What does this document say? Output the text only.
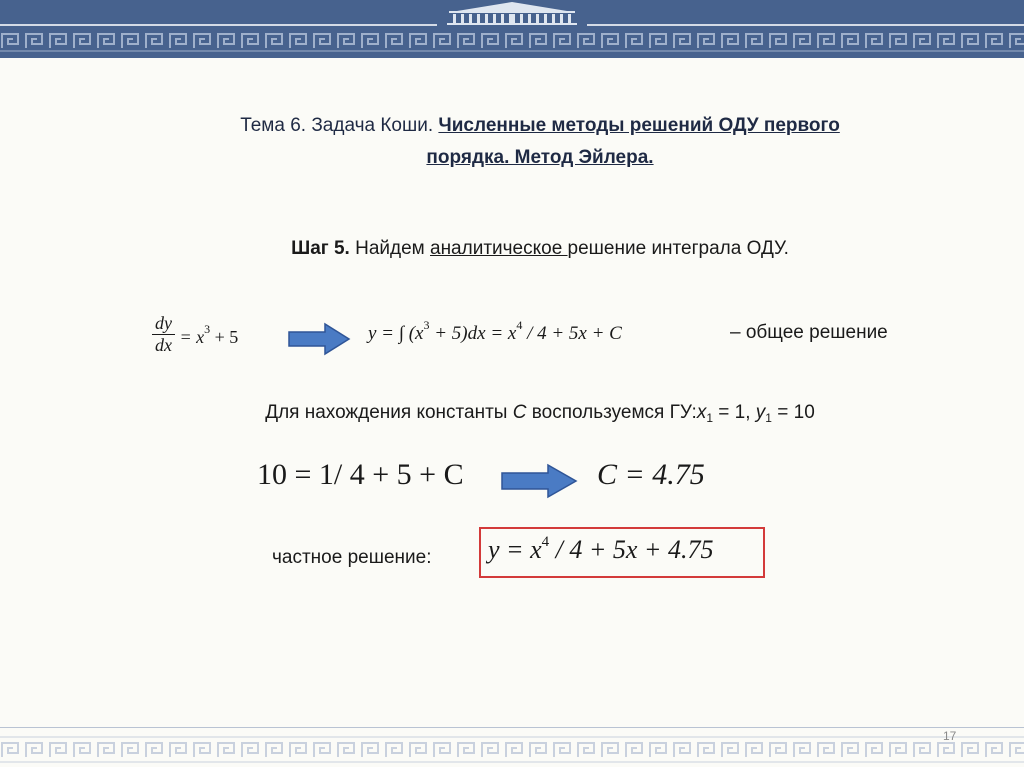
Тема 6. Задача Коши. Численные методы решений ОДУ первого
порядка. Метод Эйлера.
Шаг 5. Найдем аналитическое решение интеграла ОДУ.
$\frac{dy}{dx} = x^3 + 5$	y = ∫ $(x^3 + 5)dx = x^4 / 4 + 5x + C$	– общее решение
Для нахождения константы C воспользуемся $ГУ:x_1 = 1$, $y_1 = 10$
10 = 1/ 4 + 5 + C	C = 4.75
частное решение: $y = x^4 / 4 + 5x + 4.75$
17
